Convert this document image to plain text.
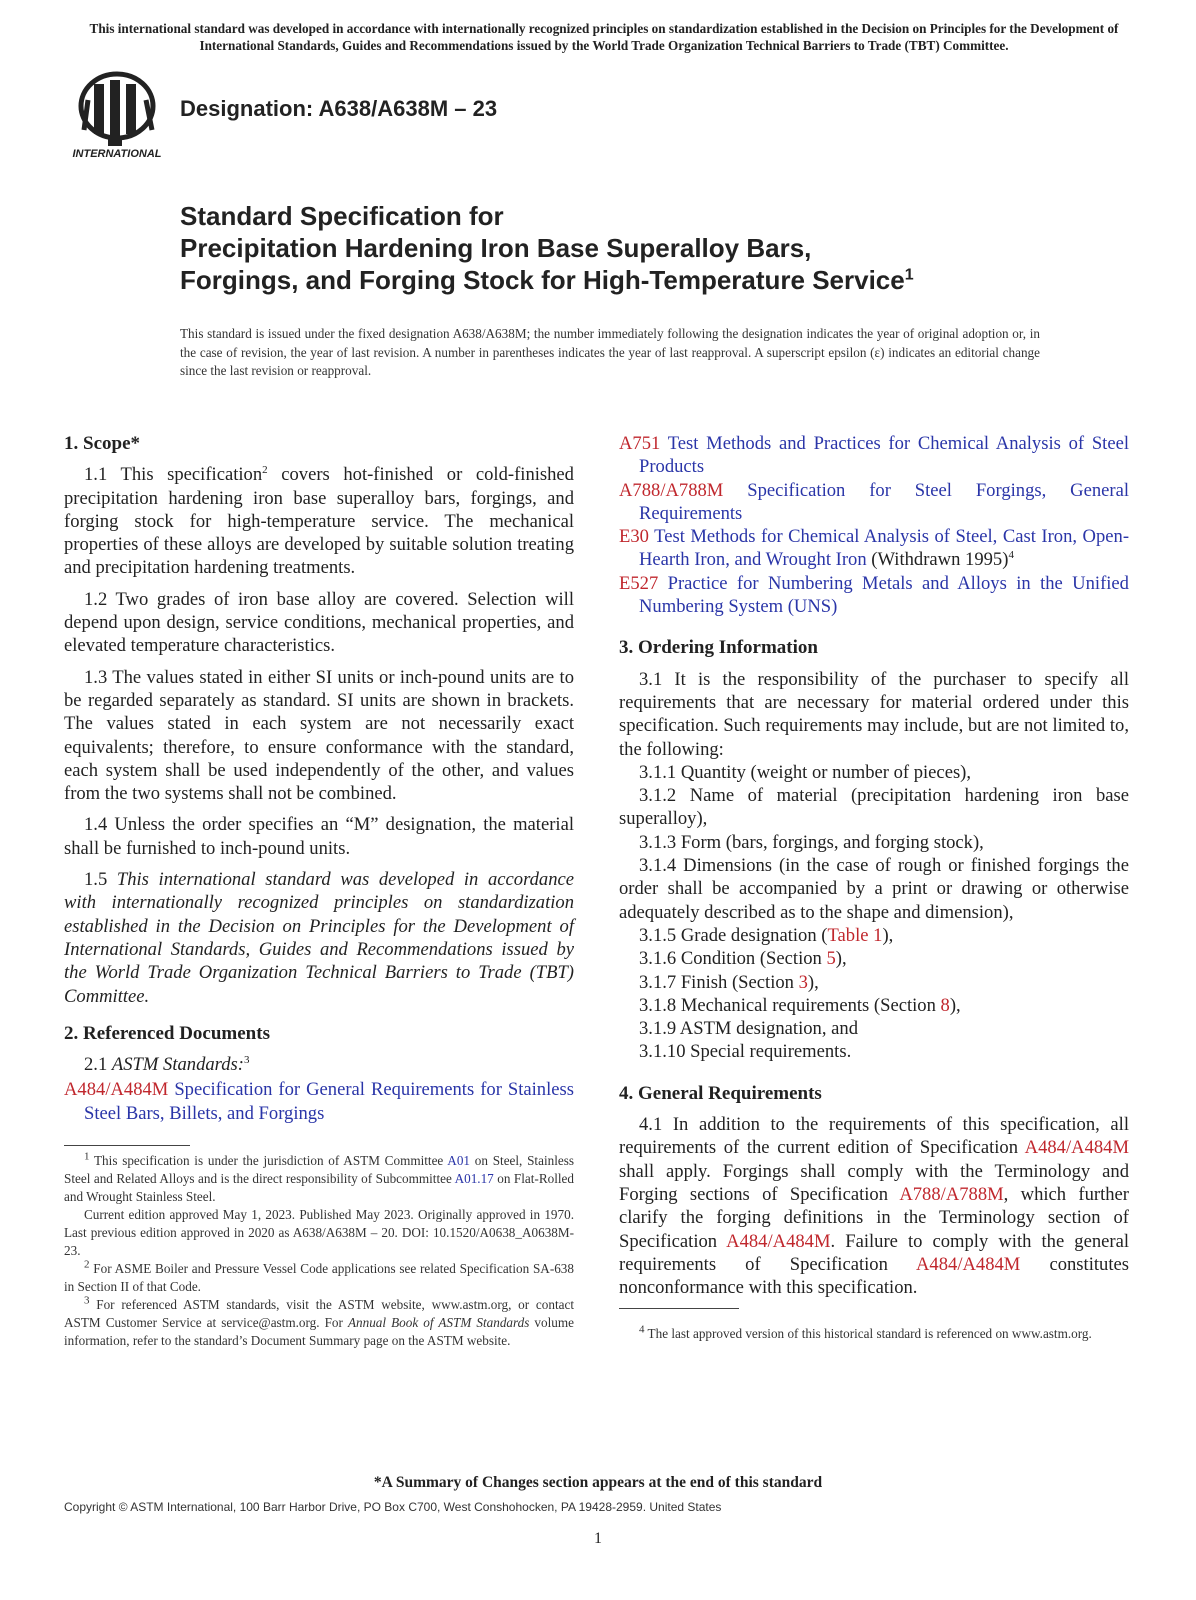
This international standard was developed in accordance with internationally recognized principles on standardization established in the Decision on Principles for the Development of International Standards, Guides and Recommendations issued by the World Trade Organization Technical Barriers to Trade (TBT) Committee.
INTERNATIONAL
Designation: A638/A638M – 23
Standard Specification for
Precipitation Hardening Iron Base Superalloy Bars,
Forgings, and Forging Stock for High-Temperature Service$^1$
This standard is issued under the fixed designation A638/A638M; the number immediately following the designation indicates the year of original adoption or, in the case of revision, the year of last revision. A number in parentheses indicates the year of last reapproval. A superscript epsilon (ε) indicates an editorial change since the last revision or reapproval.
1. Scope*

1.1 This specification$^2$ covers hot-finished or cold-finished precipitation hardening iron base superalloy bars, forgings, and forging stock for high-temperature service. The mechanical properties of these alloys are developed by suitable solution treating and precipitation hardening treatments.

1.2 Two grades of iron base alloy are covered. Selection will depend upon design, service conditions, mechanical properties, and elevated temperature characteristics.

1.3 The values stated in either SI units or inch-pound units are to be regarded separately as standard. SI units are shown in brackets. The values stated in each system are not necessarily exact equivalents; therefore, to ensure conformance with the standard, each system shall be used independently of the other, and values from the two systems shall not be combined.

1.4 Unless the order specifies an “M” designation, the material shall be furnished to inch-pound units.

1.5 This international standard was developed in accordance with internationally recognized principles on standardization established in the Decision on Principles for the Development of International Standards, Guides and Recommendations issued by the World Trade Organization Technical Barriers to Trade (TBT) Committee.

2. Referenced Documents

2.1 ASTM Standards:$^3$

A484/A484M Specification for General Requirements for Stainless Steel Bars, Billets, and Forgings

$^1$ This specification is under the jurisdiction of ASTM Committee A01 on Steel, Stainless Steel and Related Alloys and is the direct responsibility of Subcommittee A01.17 on Flat-Rolled and Wrought Stainless Steel.

Current edition approved May 1, 2023. Published May 2023. Originally approved in 1970. Last previous edition approved in 2020 as A638/A638M – 20. DOI: 10.1520/A0638_A0638M-23.

$^2$ For ASME Boiler and Pressure Vessel Code applications see related Specification SA-638 in Section II of that Code.

$^3$ For referenced ASTM standards, visit the ASTM website, www.astm.org, or contact ASTM Customer Service at service@astm.org. For Annual Book of ASTM Standards volume information, refer to the standard’s Document Summary page on the ASTM website.

A751 Test Methods and Practices for Chemical Analysis of Steel Products

A788/A788M Specification for Steel Forgings, General Requirements

E30 Test Methods for Chemical Analysis of Steel, Cast Iron, Open-Hearth Iron, and Wrought Iron (Withdrawn 1995)$^4$

E527 Practice for Numbering Metals and Alloys in the Unified Numbering System (UNS)

3. Ordering Information

3.1 It is the responsibility of the purchaser to specify all requirements that are necessary for material ordered under this specification. Such requirements may include, but are not limited to, the following:

3.1.1 Quantity (weight or number of pieces),

3.1.2 Name of material (precipitation hardening iron base superalloy),

3.1.3 Form (bars, forgings, and forging stock),

3.1.4 Dimensions (in the case of rough or finished forgings the order shall be accompanied by a print or drawing or otherwise adequately described as to the shape and dimension),

3.1.5 Grade designation (Table 1),

3.1.6 Condition (Section 5),

3.1.7 Finish (Section 3),

3.1.8 Mechanical requirements (Section 8),

3.1.9 ASTM designation, and

3.1.10 Special requirements.

4. General Requirements

4.1 In addition to the requirements of this specification, all requirements of the current edition of Specification A484/A484M shall apply. Forgings shall comply with the Terminology and Forging sections of Specification A788/A788M, which further clarify the forging definitions in the Terminology section of Specification A484/A484M. Failure to comply with the general requirements of Specification A484/A484M constitutes nonconformance with this specification.

$^4$ The last approved version of this historical standard is referenced on www.astm.org.

*A Summary of Changes section appears at the end of this standard
Copyright © ASTM International, 100 Barr Harbor Drive, PO Box C700, West Conshohocken, PA 19428-2959. United States
1
